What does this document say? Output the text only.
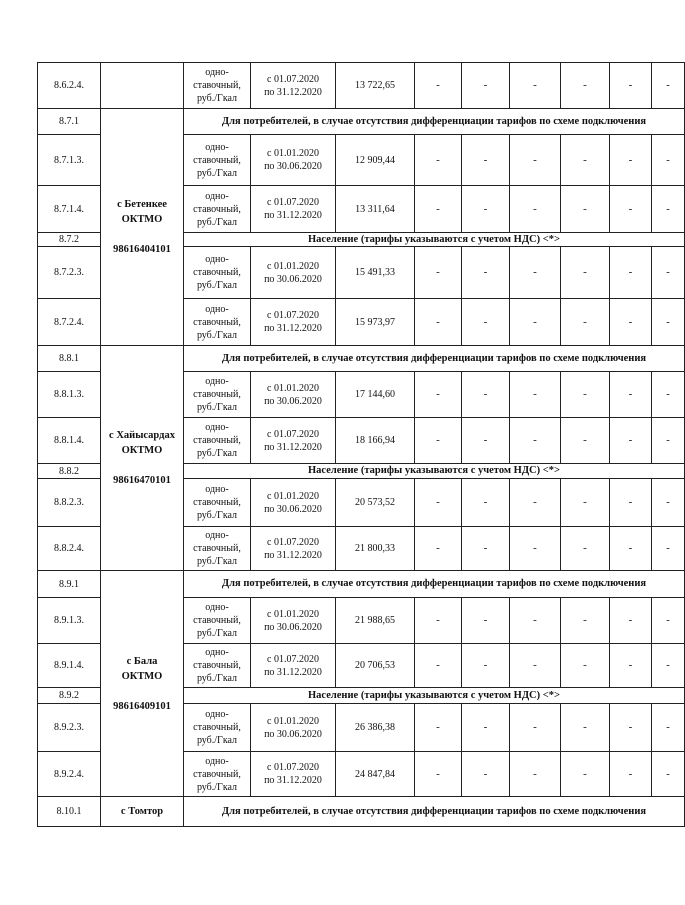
8.6.2.4.		одно-
ставочный,
руб./Гкал	с 01.07.2020
по 31.12.2020	13 722,65	-	-	-	-	-	-
8.7.1	с Бетенкее
ОКТМО

98616404101	Для потребителей, в случае отсутствия дифференциации тарифов по схеме подключения								
8.7.1.3.		одно-
ставочный,
руб./Гкал	с 01.01.2020
по 30.06.2020	12 909,44	-	-	-	-	-	-
8.7.1.4.		одно-
ставочный,
руб./Гкал	с 01.07.2020
по 31.12.2020	13 311,64	-	-	-	-	-	-
8.7.2		Население (тарифы указываются с учетом НДС) <*>								
8.7.2.3.		одно-
ставочный,
руб./Гкал	с 01.01.2020
по 30.06.2020	15 491,33	-	-	-	-	-	-
8.7.2.4.		одно-
ставочный,
руб./Гкал	с 01.07.2020
по 31.12.2020	15 973,97	-	-	-	-	-	-
8.8.1	с Хайысардах
ОКТМО

98616470101	Для потребителей, в случае отсутствия дифференциации тарифов по схеме подключения								
8.8.1.3.		одно-
ставочный,
руб./Гкал	с 01.01.2020
по 30.06.2020	17 144,60	-	-	-	-	-	-
8.8.1.4.		одно-
ставочный,
руб./Гкал	с 01.07.2020
по 31.12.2020	18 166,94	-	-	-	-	-	-
8.8.2		Население (тарифы указываются с учетом НДС) <*>								
8.8.2.3.		одно-
ставочный,
руб./Гкал	с 01.01.2020
по 30.06.2020	20 573,52	-	-	-	-	-	-
8.8.2.4.		одно-
ставочный,
руб./Гкал	с 01.07.2020
по 31.12.2020	21 800,33	-	-	-	-	-	-
8.9.1	с Бала
ОКТМО

98616409101	Для потребителей, в случае отсутствия дифференциации тарифов по схеме подключения								
8.9.1.3.		одно-
ставочный,
руб./Гкал	с 01.01.2020
по 30.06.2020	21 988,65	-	-	-	-	-	-
8.9.1.4.		одно-
ставочный,
руб./Гкал	с 01.07.2020
по 31.12.2020	20 706,53	-	-	-	-	-	-
8.9.2		Население (тарифы указываются с учетом НДС) <*>								
8.9.2.3.		одно-
ставочный,
руб./Гкал	с 01.01.2020
по 30.06.2020	26 386,38	-	-	-	-	-	-
8.9.2.4.		одно-
ставочный,
руб./Гкал	с 01.07.2020
по 31.12.2020	24 847,84	-	-	-	-	-	-
8.10.1	с Томтор	Для потребителей, в случае отсутствия дифференциации тарифов по схеме подключения								
